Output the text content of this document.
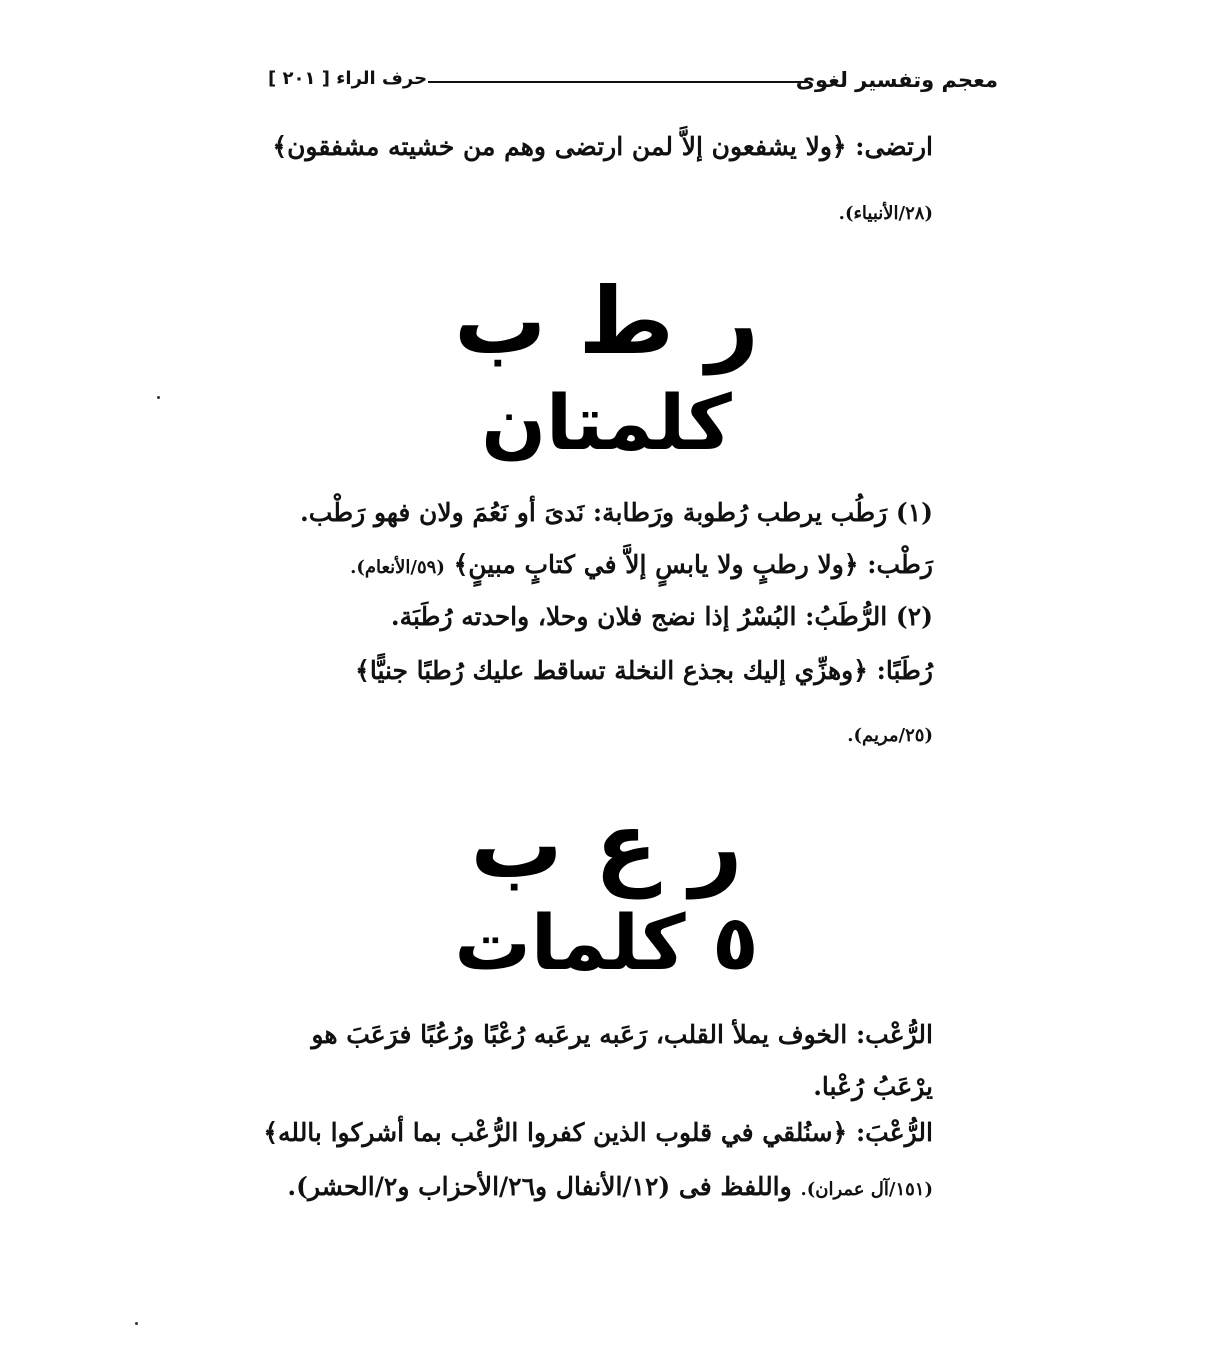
معجم وتفسير لغوى
حرف الراء [ ٢٠١ ]
ارتضى: ﴿ولا يشفعون إلاَّ لمن ارتضى وهم من خشيته مشفقون﴾
(٢٨/الأنبياء).
ر ط ب
كلمتان
(١) رَطُب يرطب رُطوبة ورَطابة: نَدىَ أو نَعُمَ ولان فهو رَطْب.
رَطْب: ﴿ولا رطبٍ ولا يابسٍ إلاَّ في كتابٍ مبينٍ﴾ (٥٩/الأنعام).
(٢) الرُّطَبُ: البُسْرُ إذا نضج فلان وحلا، واحدته رُطَبَة.
رُطَبًا: ﴿وهزِّي إليك بجذع النخلة تساقط عليك رُطبًا جنيًّا﴾
(٢٥/مريم).
ر ع ب
٥ كلمات
الرُّعْب: الخوف يملأ القلب، رَعَبه يرعَبه رُعْبًا ورُعُبًا فرَعَبَ هو
يرْعَبُ رُعْبا.
الرُّعْبَ: ﴿سنُلقي في قلوب الذين كفروا الرُّعْب بما أشركوا بالله﴾
(١٥١/آل عمران). واللفظ فى (١٢/الأنفال و٢٦/الأحزاب و٢/الحشر).
